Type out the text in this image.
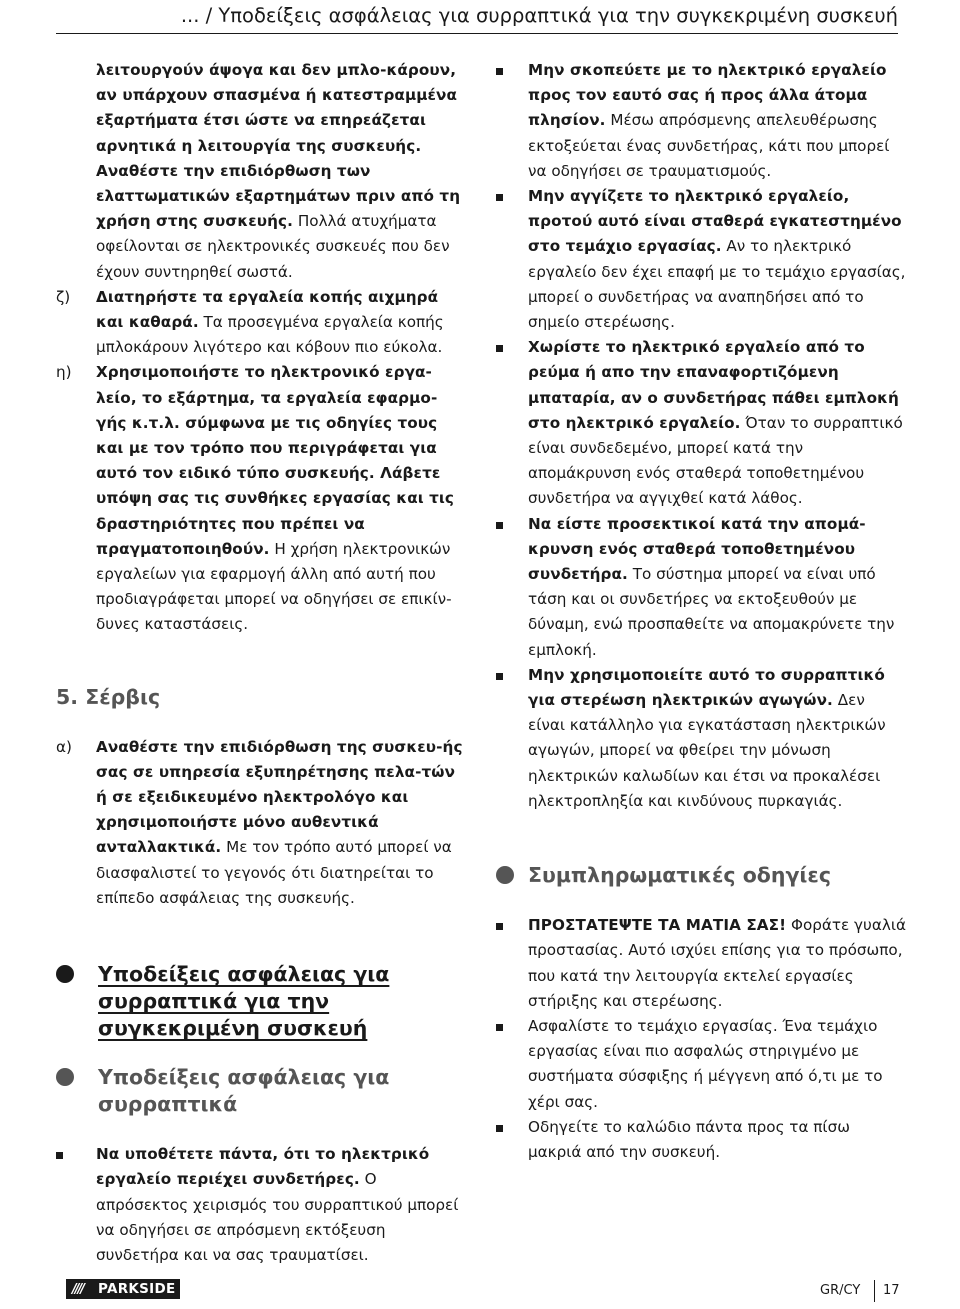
... / Υποδείξεις ασφάλειας για συρραπτικά για την συγκεκριμένη συσκευή

λειτουργούν άψογα και δεν μπλο-κάρουν, αν υπάρχουν σπασμένα ή κατεστραμμένα εξαρτήματα έτσι ώστε να επηρεάζεται αρνητικά η λειτουργία της συσκευής. Αναθέστε την επιδιόρθωση των ελαττωματικών εξαρτημάτων πριν από τη χρήση στης συσκευής. Πολλά ατυχήματα οφείλονται σε ηλεκτρονικές συσκευές που δεν έχουν συντηρηθεί σωστά.

ζ)	Διατηρήστε τα εργαλεία κοπής αιχμηρά και καθαρά. Τα προσεγμένα εργαλεία κοπής μπλοκάρουν λιγότερο και κόβουν πιο εύκολα.

η)	Χρησιμοποιήστε το ηλεκτρονικό εργα-λείο, το εξάρτημα, τα εργαλεία εφαρμο-γής κ.τ.λ. σύμφωνα με τις οδηγίες τους και με τον τρόπο που περιγράφεται για αυτό τον ειδικό τύπο συσκευής. Λάβετε υπόψη σας τις συνθήκες εργασίας και τις δραστηριότητες που πρέπει να πραγματοποιηθούν. Η χρήση ηλεκτρονικών εργαλείων για εφαρμογή άλλη από αυτή που προδιαγράφεται μπορεί να οδηγήσει σε επικίν-δυνες καταστάσεις.

5. Σέρβις

α)	Αναθέστε την επιδιόρθωση της συσκευ-ής σας σε υπηρεσία εξυπηρέτησης πελα-τών ή σε εξειδικευμένο ηλεκτρολόγο και χρησιμοποιήστε μόνο αυθεντικά ανταλλακτικά. Με τον τρόπο αυτό μπορεί να διασφαλιστεί το γεγονός ότι διατηρείται το επίπεδο ασφάλειας της συσκευής.

Υποδείξεις ασφάλειας για συρραπτικά για την συγκεκριμένη συσκευή

Υποδείξεις ασφάλειας για συρραπτικά

Να υποθέτετε πάντα, ότι το ηλεκτρικό εργαλείο περιέχει συνδετήρες. Ο απρόσεκτος χειρισμός του συρραπτικού μπορεί να οδηγήσει σε απρόσμενη εκτόξευση συνδετήρα και να σας τραυματίσει.

Μην σκοπεύετε με το ηλεκτρικό εργαλείο προς τον εαυτό σας ή προς άλλα άτομα πλησίον. Μέσω απρόσμενης απελευθέρωσης εκτοξεύεται ένας συνδετήρας, κάτι που μπορεί να οδηγήσει σε τραυματισμούς.

Μην αγγίζετε το ηλεκτρικό εργαλείο, προτού αυτό είναι σταθερά εγκατεστημένο στο τεμάχιο εργασίας. Αν το ηλεκτρικό εργαλείο δεν έχει επαφή με το τεμάχιο εργασίας, μπορεί ο συνδετήρας να αναπηδήσει από το σημείο στερέωσης.

Χωρίστε το ηλεκτρικό εργαλείο από το ρεύμα ή απο την επαναφορτιζόμενη μπαταρία, αν ο συνδετήρας πάθει εμπλοκή στο ηλεκτρικό εργαλείο. Όταν το συρραπτικό είναι συνδεδεμένο, μπορεί κατά την απομάκρυνση ενός σταθερά τοποθετημένου συνδετήρα να αγγιχθεί κατά λάθος.

Να είστε προσεκτικοί κατά την απομά-κρυνση ενός σταθερά τοποθετημένου συνδετήρα. Το σύστημα μπορεί να είναι υπό τάση και οι συνδετήρες να εκτοξευθούν με δύναμη, ενώ προσπαθείτε να απομακρύνετε την εμπλοκή.

Μην χρησιμοποιείτε αυτό το συρραπτικό για στερέωση ηλεκτρικών αγωγών. Δεν είναι κατάλληλο για εγκατάσταση ηλεκτρικών αγωγών, μπορεί να φθείρει την μόνωση ηλεκτρικών καλωδίων και έτσι να προκαλέσει ηλεκτροπληξία και κινδύνους πυρκαγιάς.

Συμπληρωματικές οδηγίες

ΠΡΟΣΤΑΤΕΨΤΕ ΤΑ ΜΑΤΙΑ ΣΑΣ! Φοράτε γυαλιά προστασίας. Αυτό ισχύει επίσης για το πρόσωπο, που κατά την λειτουργία εκτελεί εργασίες στήριξης και στερέωσης.

Ασφαλίστε το τεμάχιο εργασίας. Ένα τεμάχιο εργασίας είναι πιο ασφαλώς στηριγμένο με συστήματα σύσφιξης ή μέγγενη από ό,τι με το χέρι σας.

Οδηγείτε το καλώδιο πάντα προς τα πίσω μακριά από την συσκευή.

//// PARKSIDE	GR/CY 17
